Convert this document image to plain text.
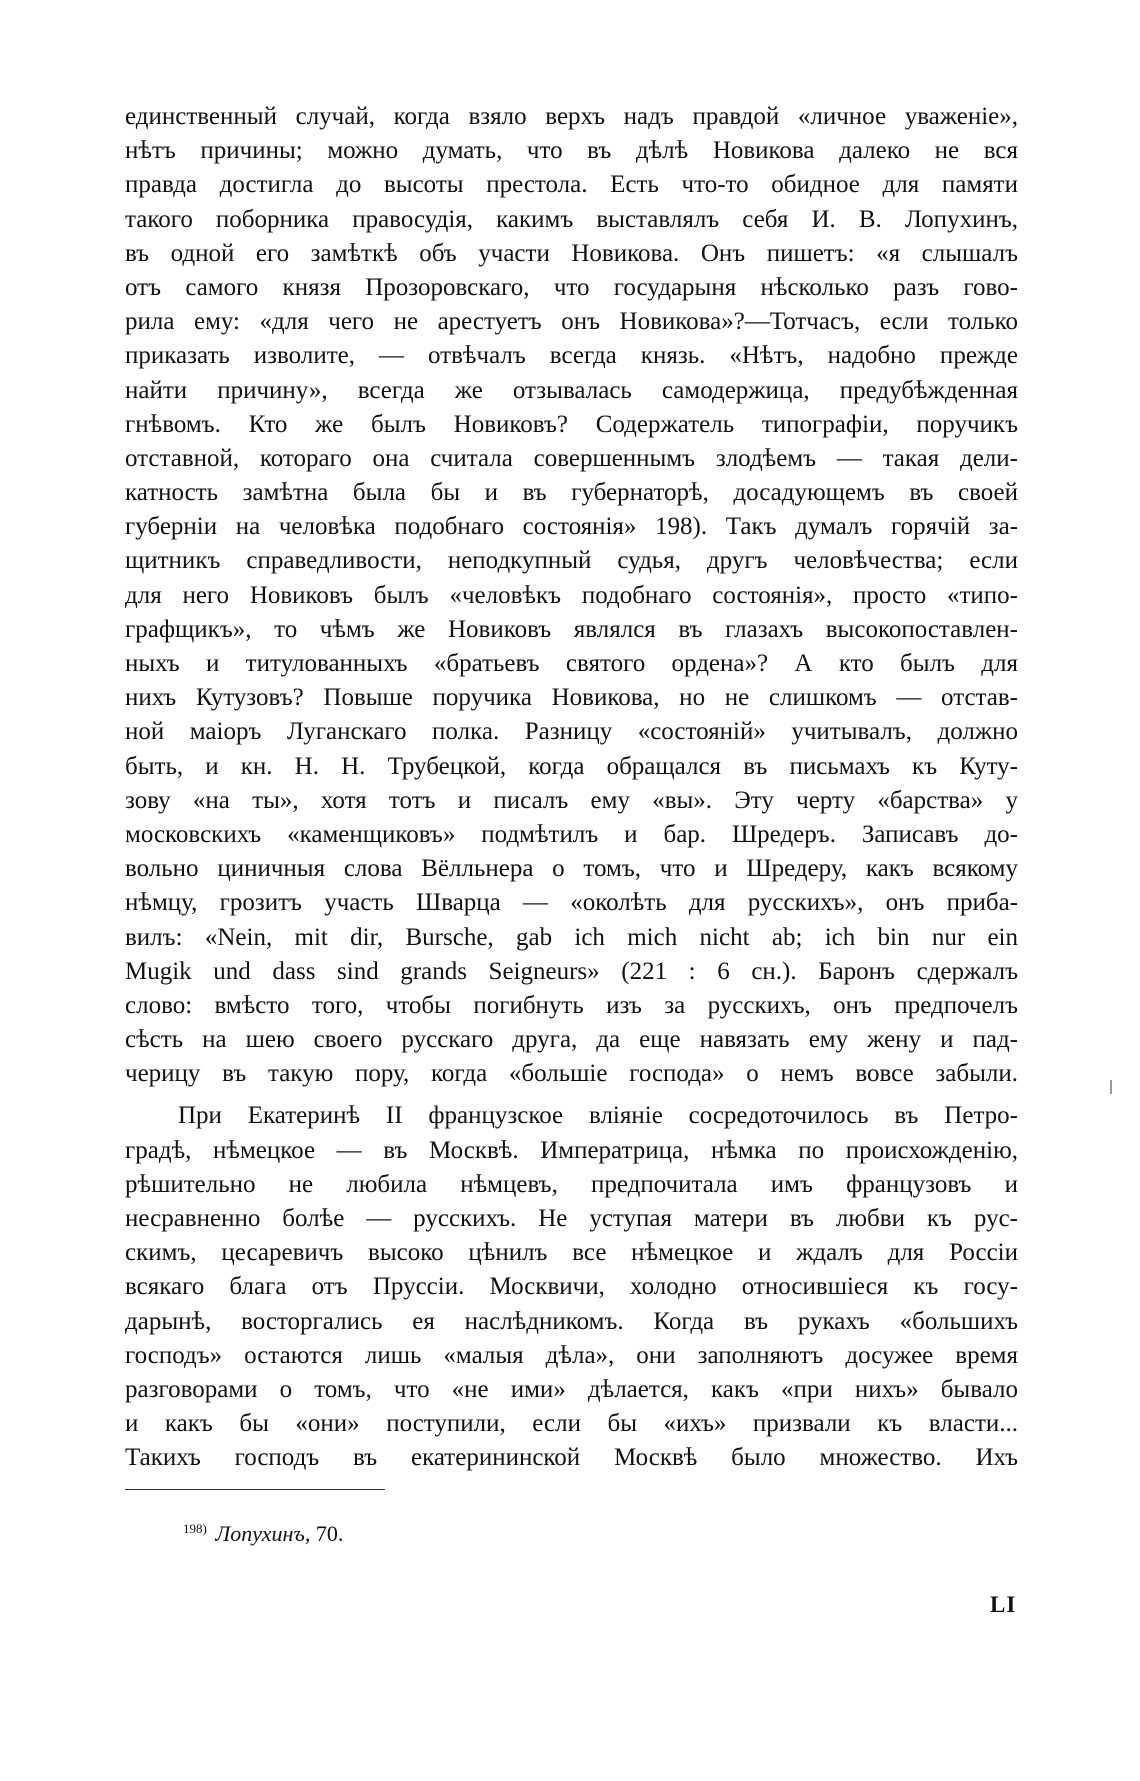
единственный случай, когда взяло верхъ надъ правдой «личное уваженіе»,
нѣтъ причины; можно думать, что въ дѣлѣ Новикова далеко не вся
правда достигла до высоты престола. Есть что-то обидное для памяти
такого поборника правосудія, какимъ выставлялъ себя И. В. Лопухинъ,
въ одной его замѣткѣ объ участи Новикова. Онъ пишетъ: «я слышалъ
отъ самого князя Прозоровскаго, что государыня нѣсколько разъ гово-
рила ему: «для чего не арестуетъ онъ Новикова»?—Тотчасъ, если только
приказать изволите, — отвѣчалъ всегда князь. «Нѣтъ, надобно прежде
найти причину», всегда же отзывалась самодержица, предубѣжденная
гнѣвомъ. Кто же былъ Новиковъ? Содержатель типографіи, поручикъ
отставной, котораго она считала совершеннымъ злодѣемъ — такая дели-
катность замѣтна была бы и въ губернаторѣ, досадующемъ въ своей
губерніи на человѣка подобнаго состоянія» 198). Такъ думалъ горячій за-
щитникъ справедливости, неподкупный судья, другъ человѣчества; если
для него Новиковъ былъ «человѣкъ подобнаго состоянія», просто «типо-
графщикъ», то чѣмъ же Новиковъ являлся въ глазахъ высокопоставлен-
ныхъ и титулованныхъ «братьевъ святого ордена»? А кто былъ для
нихъ Кутузовъ? Повыше поручика Новикова, но не слишкомъ — отстав-
ной маіоръ Луганскаго полка. Разницу «состояній» учитывалъ, должно
быть, и кн. Н. Н. Трубецкой, когда обращался въ письмахъ къ Куту-
зову «на ты», хотя тотъ и писалъ ему «вы». Эту черту «барства» у
московскихъ «каменщиковъ» подмѣтилъ и бар. Шредеръ. Записавъ до-
вольно циничныя слова Вёлльнера о томъ, что и Шредеру, какъ всякому
нѣмцу, грозитъ участь Шварца — «околѣть для русскихъ», онъ приба-
вилъ: «Nein, mit dir, Bursche, gab ich mich nicht ab; ich bin nur ein
Mugik und dass sind grands Seigneurs» (221 : 6 сн.). Баронъ сдержалъ
слово: вмѣсто того, чтобы погибнуть изъ за русскихъ, онъ предпочелъ
сѣсть на шею своего русскаго друга, да еще навязать ему жену и пад-
черицу въ такую пору, когда «большіе господа» о немъ вовсе забыли.
При Екатеринѣ II французское вліяніе сосредоточилось въ Петро-
градѣ, нѣмецкое — въ Москвѣ. Императрица, нѣмка по происхожденію,
рѣшительно не любила нѣмцевъ, предпочитала имъ французовъ и
несравненно болѣе — русскихъ. Не уступая матери въ любви къ рус-
скимъ, цесаревичъ высоко цѣнилъ все нѣмецкое и ждалъ для Россіи
всякаго блага отъ Пруссіи. Москвичи, холодно относившіеся къ госу-
дарынѣ, восторгались ея наслѣдникомъ. Когда въ рукахъ «большихъ
господъ» остаются лишь «малыя дѣла», они заполняютъ досужее время
разговорами о томъ, что «не ими» дѣлается, какъ «при нихъ» бывало
и какъ бы «они» поступили, если бы «ихъ» призвали къ власти...
Такихъ господъ въ екатерининской Москвѣ было множество. Ихъ
$^{198)}$ Лопухинъ, 70.
LI
